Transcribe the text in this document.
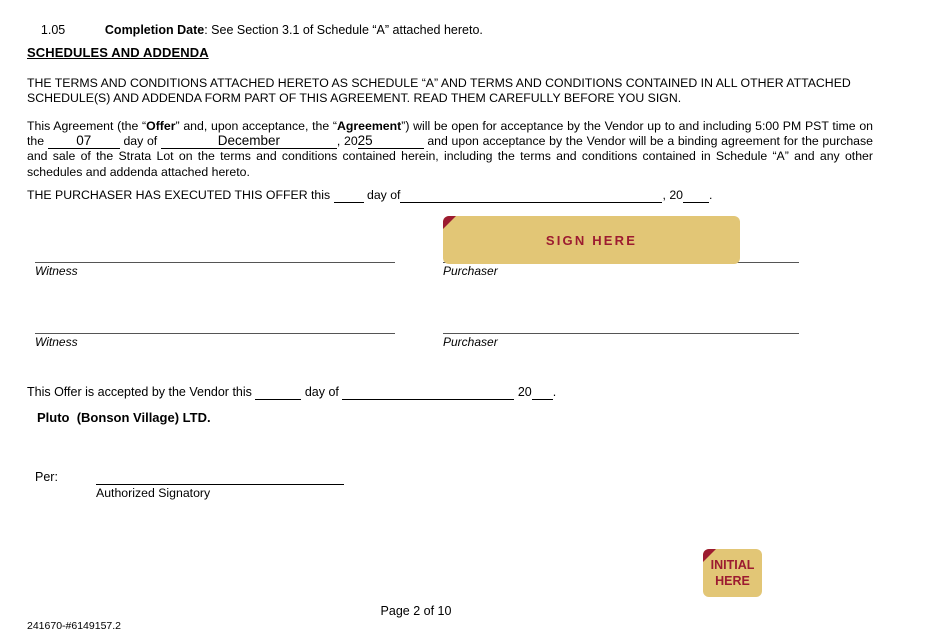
1.05	Completion Date: See Section 3.1 of Schedule “A” attached hereto.

SCHEDULES AND ADDENDA
THE TERMS AND CONDITIONS ATTACHED HERETO AS SCHEDULE “A” AND TERMS AND CONDITIONS CONTAINED IN ALL OTHER ATTACHED SCHEDULE(S) AND ADDENDA FORM PART OF THIS AGREEMENT. READ THEM CAREFULLY BEFORE YOU SIGN.
This Agreement (the “Offer” and, upon acceptance, the “Agreement”) will be open for acceptance by the Vendor up to and including 5:00 PM PST time on the 07 day of	December	, 2025	and upon acceptance by the Vendor will be a binding agreement for the purchase and sale of the Strata Lot on the terms and conditions contained herein, including the terms and conditions contained in Schedule “A” and any other schedules and addenda attached hereto.
THE PURCHASER HAS EXECUTED THIS OFFER this  day of	, 20 .
Witness	Purchaser
Witness	Purchaser
SIGN HERE
This Offer is accepted by the Vendor this	day of	20 .
Pluto  (Bonson Village) LTD.
Per:
Authorized Signatory
INITIAL
HERE
Page 2 of 10
241670-#6149157.2
